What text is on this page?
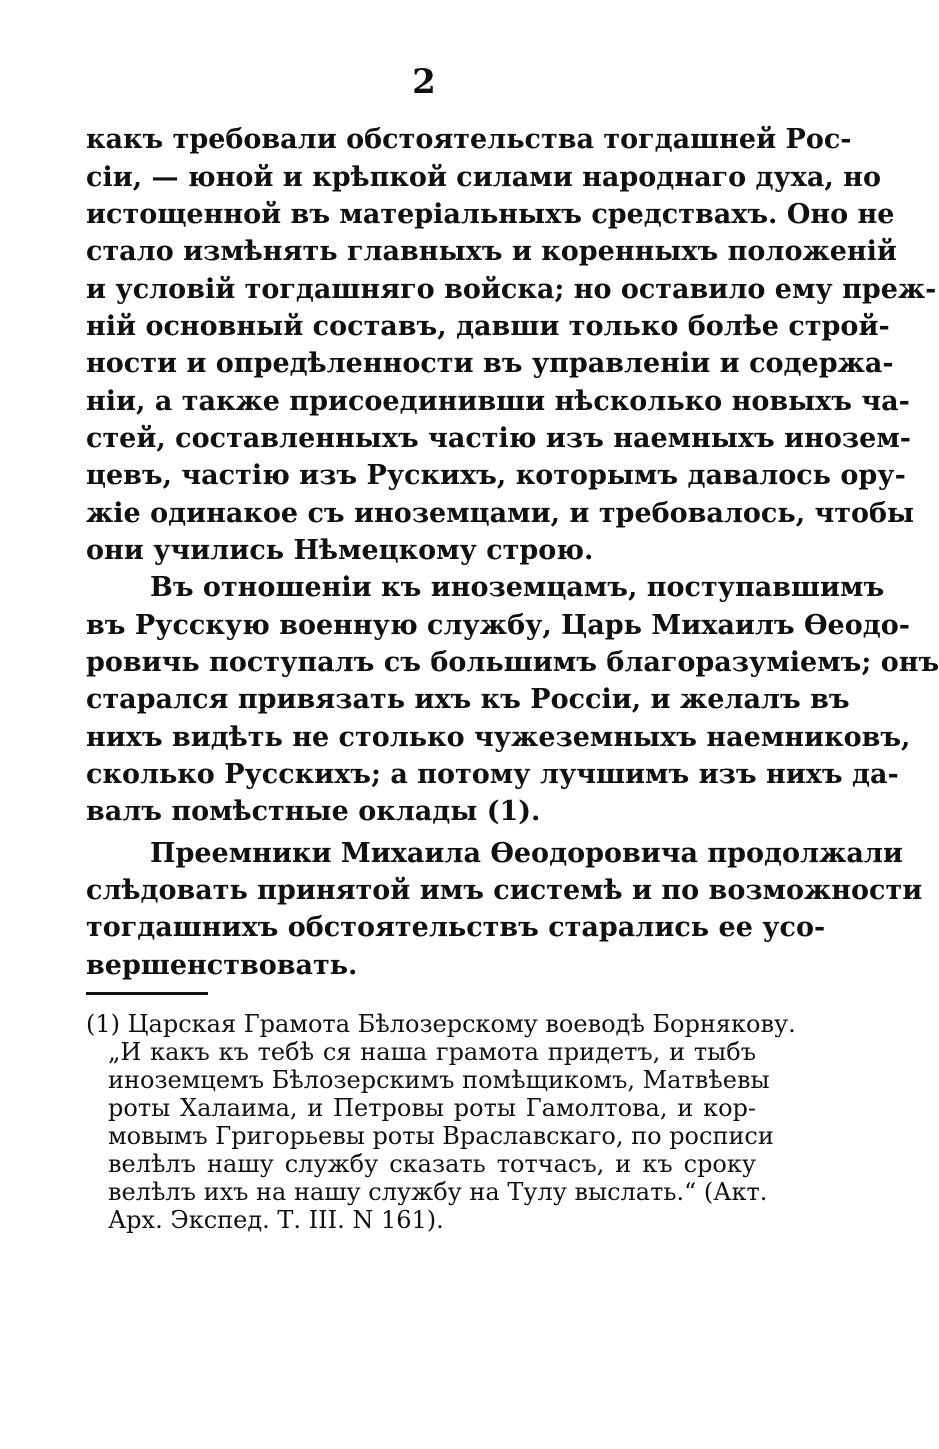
2
какъ требовали обстоятельства тогдашней Рос-
сіи, — юной и крѣпкой силами народнаго духа, но
истощенной въ матеріальныхъ средствахъ. Оно не
стало измѣнять главныхъ и коренныхъ положеній
и условій тогдашняго войска; но оставило ему преж-
ній основный составъ, давши только болѣе строй-
ности и опредѣленности въ управленіи и содержа-
ніи, а также присоединивши нѣсколько новыхъ ча-
стей, составленныхъ частію изъ наемныхъ инозем-
цевъ, частію изъ Рускихъ, которымъ давалось ору-
жіе одинакое съ иноземцами, и требовалось, чтобы
они учились Нѣмецкому строю.
Въ отношеніи къ иноземцамъ, поступавшимъ
въ Русскую военную службу, Царь Михаилъ Ѳеодо-
ровичь поступалъ съ большимъ благоразуміемъ; онъ
старался привязать ихъ къ Россіи, и желалъ въ
нихъ видѣть не столько чужеземныхъ наемниковъ,
сколько Русскихъ; а потому лучшимъ изъ нихъ да-
валъ помѣстные оклады (1).
Преемники Михаила Ѳеодоровича продолжали
слѣдовать принятой имъ системѣ и по возможности
тогдашнихъ обстоятельствъ старались ее усо-
вершенствовать.
(1) Царская Грамота Бѣлозерскому воеводѣ Борнякову.
„И какъ къ тебѣ ся наша грамота придетъ, и тыбъ
иноземцемъ Бѣлозерскимъ помѣщикомъ, Матвѣевы
роты Халаима, и Петровы роты Гамолтова, и кор-
мовымъ Григорьевы роты Враславскаго, по росписи
велѣлъ нашу службу сказать тотчасъ, и къ сроку
велѣлъ ихъ на нашу службу на Тулу выслать.“ (Акт.
Арх. Экспед. Т. III. N 161).
